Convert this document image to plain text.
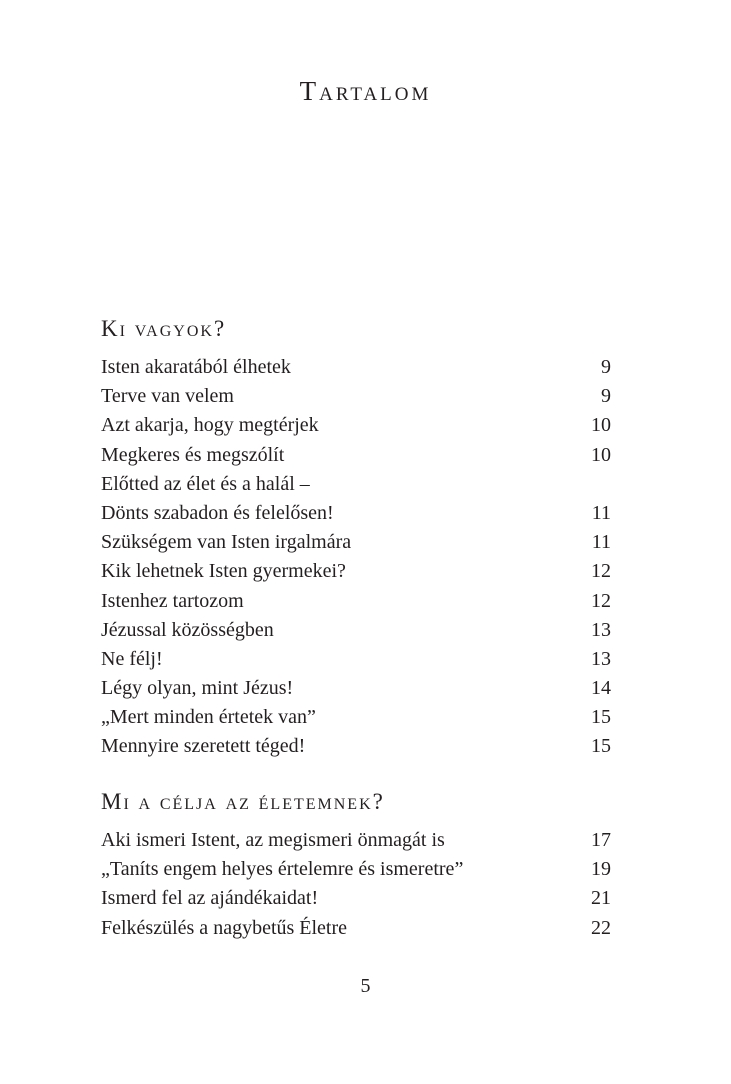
Tartalom
Ki vagyok?
Isten akaratából élhetek	9
Terve van velem	9
Azt akarja, hogy megtérjek	10
Megkeres és megszólít	10
Előtted az élet és a halál –
Dönts szabadon és felelősen!	11
Szükségem van Isten irgalmára	11
Kik lehetnek Isten gyermekei?	12
Istenhez tartozom	12
Jézussal közösségben	13
Ne félj!	13
Légy olyan, mint Jézus!	14
„Mert minden értetek van”	15
Mennyire szeretett téged!	15
Mi a célja az életemnek?
Aki ismeri Istent, az megismeri önmagát is	17
„Taníts engem helyes értelemre és ismeretre”	19
Ismerd fel az ajándékaidat!	21
Felkészülés a nagybetűs Életre	22
5
